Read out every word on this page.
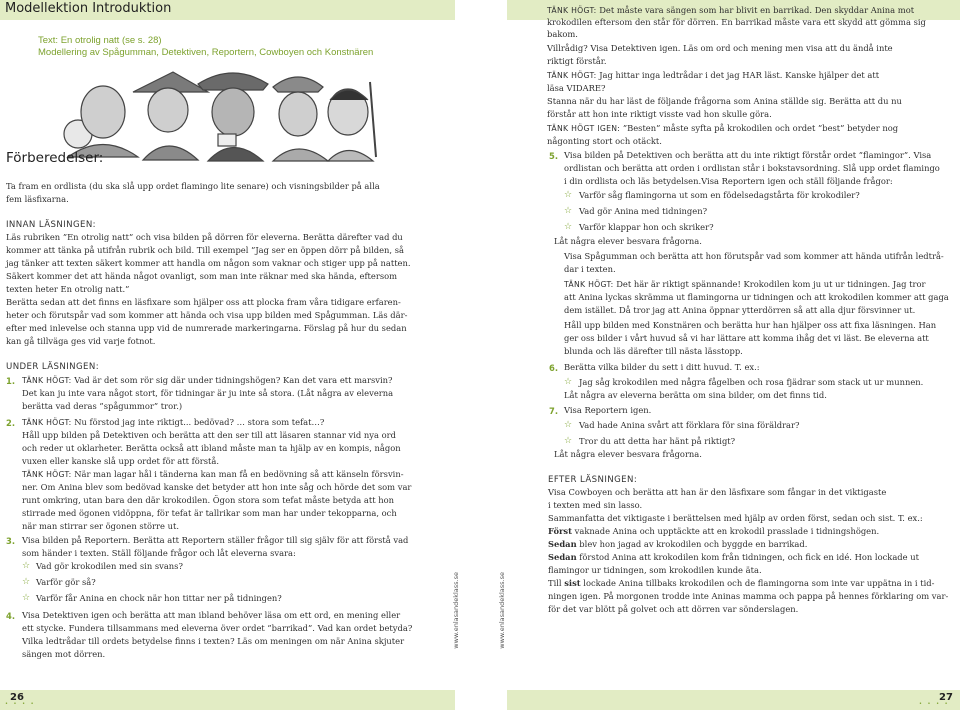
Modellektion Introduktion
Text: En otrolig natt (se s. 28)
Modellering av Spågumman, Detektiven, Reportern, Cowboyen och Konstnären
Förberedelser:
Ta fram en ordlista (du ska slå upp ordet flamingo lite senare) och visningsbilder på alla
fem läsfixarna.
INNAN LÄSNINGEN:
Läs rubriken ”En otrolig natt” och visa bilden på dörren för eleverna. Berätta därefter vad du
kommer att tänka på utifrån rubrik och bild. Till exempel ”Jag ser en öppen dörr på bilden, så
jag tänker att texten säkert kommer att handla om någon som vaknar och stiger upp på natten.
Säkert kommer det att hända något ovanligt, som man inte räknar med ska hända, eftersom
texten heter En otrolig natt.”
Berätta sedan att det finns en läsfixare som hjälper oss att plocka fram våra tidigare erfaren-
heter och förutspår vad som kommer att hända och visa upp bilden med Spågumman. Läs där-
efter med inlevelse och stanna upp vid de numrerade markeringarna. Förslag på hur du sedan
kan gå tillväga ges vid varje fotnot.
UNDER LÄSNINGEN:
1. TÄNK HÖGT: Vad är det som rör sig där under tidningshögen? Kan det vara ett marsvin?
Det kan ju inte vara något stort, för tidningar är ju inte så stora. (Låt några av eleverna
berätta vad deras ”spågummor” tror.)
2. TÄNK HÖGT: Nu förstod jag inte riktigt... bedövad? … stora som tefat…?
Håll upp bilden på Detektiven och berätta att den ser till att läsaren stannar vid nya ord
och reder ut oklarheter. Berätta också att ibland måste man ta hjälp av en kompis, någon
vuxen eller kanske slå upp ordet för att förstå.
TÄNK HÖGT: När man lagar hål i tänderna kan man få en bedövning så att känseln försvin-
ner. Om Anina blev som bedövad kanske det betyder att hon inte såg och hörde det som var
runt omkring, utan bara den där krokodilen. Ögon stora som tefat måste betyda att hon
stirrade med ögonen vidöppna, för tefat är tallrikar som man har under tekopparna, och
när man stirrar ser ögonen större ut.
3. Visa bilden på Reportern. Berätta att Reportern ställer frågor till sig själv för att förstå vad
som händer i texten. Ställ följande frågor och låt eleverna svara:
☆ Vad gör krokodilen med sin svans?
☆ Varför gör så?
☆ Varför får Anina en chock när hon tittar ner på tidningen?
4. Visa Detektiven igen och berätta att man ibland behöver läsa om ett ord, en mening eller
ett stycke. Fundera tillsammans med eleverna över ordet ”barrikad”. Vad kan ordet betyda?
Vilka ledtrådar till ordets betydelse finns i texten? Läs om meningen om när Anina skjuter
sängen mot dörren.
www.enlasandeklass.se
26
• • • •
www.enlasandeklass.se
TÄNK HÖGT: Det måste vara sängen som har blivit en barrikad. Den skyddar Anina mot
krokodilen eftersom den står för dörren. En barrikad måste vara ett skydd att gömma sig
bakom.
Villrådig? Visa Detektiven igen. Läs om ord och mening men visa att du ändå inte
riktigt förstår.
TÄNK HÖGT: Jag hittar inga ledtrådar i det jag HAR läst. Kanske hjälper det att
läsa VIDARE?
Stanna när du har läst de följande frågorna som Anina ställde sig. Berätta att du nu
förstår att hon inte riktigt visste vad hon skulle göra.
TÄNK HÖGT IGEN: ”Besten” måste syfta på krokodilen och ordet ”best” betyder nog
någonting stort och otäckt.
5. Visa bilden på Detektiven och berätta att du inte riktigt förstår ordet ”flamingor”. Visa
ordlistan och berätta att orden i ordlistan står i bokstavsordning. Slå upp ordet flamingo
i din ordlista och läs betydelsen.Visa Reportern igen och ställ följande frågor:
☆ Varför såg flamingorna ut som en födelsedagstårta för krokodiler?
☆ Vad gör Anina med tidningen?
☆ Varför klappar hon och skriker?
Låt några elever besvara frågorna.
Visa Spågumman och berätta att hon förutspår vad som kommer att hända utifrån ledtrå-
dar i texten.
TÄNK HÖGT: Det här är riktigt spännande! Krokodilen kom ju ut ur tidningen. Jag tror
att Anina lyckas skrämma ut flamingorna ur tidningen och att krokodilen kommer att gaga
dem istället. Då tror jag att Anina öppnar ytterdörren så att alla djur försvinner ut.
Håll upp bilden med Konstnären och berätta hur han hjälper oss att fixa läsningen. Han
ger oss bilder i vårt huvud så vi har lättare att komma ihåg det vi läst. Be eleverna att
blunda och läs därefter till nästa lässtopp.
6. Berätta vilka bilder du sett i ditt huvud. T. ex.:
☆ Jag såg krokodilen med några fågelben och rosa fjädrar som stack ut ur munnen.
Låt några av eleverna berätta om sina bilder, om det finns tid.
7. Visa Reportern igen.
☆ Vad hade Anina svårt att förklara för sina föräldrar?
☆ Tror du att detta har hänt på riktigt?
Låt några elever besvara frågorna.
EFTER LÄSNINGEN:
Visa Cowboyen och berätta att han är den läsfixare som fångar in det viktigaste
i texten med sin lasso.
Sammanfatta det viktigaste i berättelsen med hjälp av orden först, sedan och sist. T. ex.:
Först vaknade Anina och upptäckte att en krokodil prasslade i tidningshögen.
Sedan blev hon jagad av krokodilen och byggde en barrikad.
Sedan förstod Anina att krokodilen kom från tidningen, och fick en idé. Hon lockade ut
flamingor ur tidningen, som krokodilen kunde äta.
Till sist lockade Anina tillbaks krokodilen och de flamingorna som inte var uppätna in i tid-
ningen igen. På morgonen trodde inte Aninas mamma och pappa på hennes förklaring om var-
för det var blött på golvet och att dörren var sönderslagen.
27
• • • •
